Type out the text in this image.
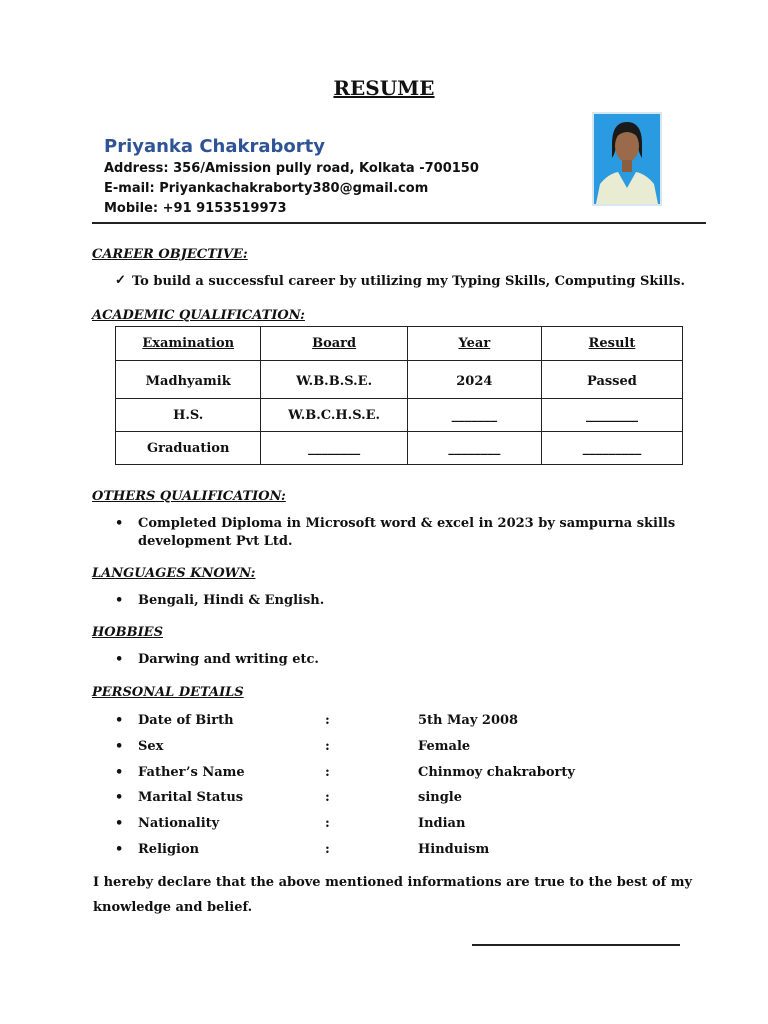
RESUME
Priyanka Chakraborty
Address: 356/Amission pully road, Kolkata -700150
E-mail: Priyankachakraborty380@gmail.com
Mobile: +91 9153519973
CAREER OBJECTIVE:
✓ To build a successful career by utilizing my Typing Skills, Computing Skills.
ACADEMIC QUALIFICATION:
Examination	Board	Year	Result
Madhyamik	W.B.B.S.E.	2024	Passed
H.S.	W.B.C.H.S.E.	_______	________
Graduation	________	________	_________
OTHERS QUALIFICATION:
• Completed Diploma in Microsoft word & excel in 2023 by sampurna skills
development Pvt Ltd.
LANGUAGES KNOWN:
• Bengali, Hindi & English.
HOBBIES
• Darwing and writing etc.
PERSONAL DETAILS
• Date of Birth	:	5th May 2008
• Sex	:	Female
• Father’s Name	:	Chinmoy chakraborty
• Marital Status	:	single
• Nationality	:	Indian
• Religion	:	Hinduism
I hereby declare that the above mentioned informations are true to the best of my
knowledge and belief.
